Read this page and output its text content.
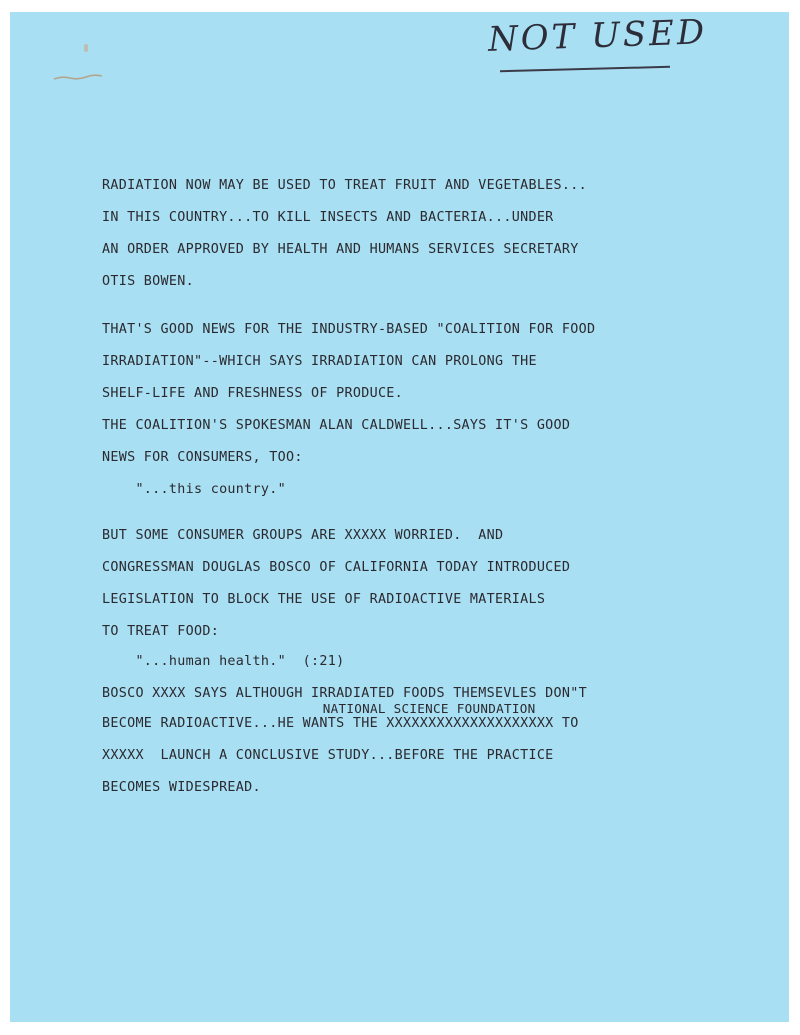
NOT USED
RADIATION NOW MAY BE USED TO TREAT FRUIT AND VEGETABLES...
IN THIS COUNTRY...TO KILL INSECTS AND BACTERIA...UNDER
AN ORDER APPROVED BY HEALTH AND HUMANS SERVICES SECRETARY
OTIS BOWEN.
THAT'S GOOD NEWS FOR THE INDUSTRY-BASED "COALITION FOR FOOD
IRRADIATION"--WHICH SAYS IRRADIATION CAN PROLONG THE
SHELF-LIFE AND FRESHNESS OF PRODUCE.
THE COALITION'S SPOKESMAN ALAN CALDWELL...SAYS IT'S GOOD
NEWS FOR CONSUMERS, TOO:
"...this country."
BUT SOME CONSUMER GROUPS ARE XXXXX WORRIED.  AND
CONGRESSMAN DOUGLAS BOSCO OF CALIFORNIA TODAY INTRODUCED
LEGISLATION TO BLOCK THE USE OF RADIOACTIVE MATERIALS
TO TREAT FOOD:
"...human health."  (:21)
BOSCO XXXX SAYS ALTHOUGH IRRADIATED FOODS THEMSEVLES DON"T
NATIONAL SCIENCE FOUNDATION
BECOME RADIOACTIVE...HE WANTS THE XXXXXXXXXXXXXXXXXXXX TO
XXXXX  LAUNCH A CONCLUSIVE STUDY...BEFORE THE PRACTICE
BECOMES WIDESPREAD.
